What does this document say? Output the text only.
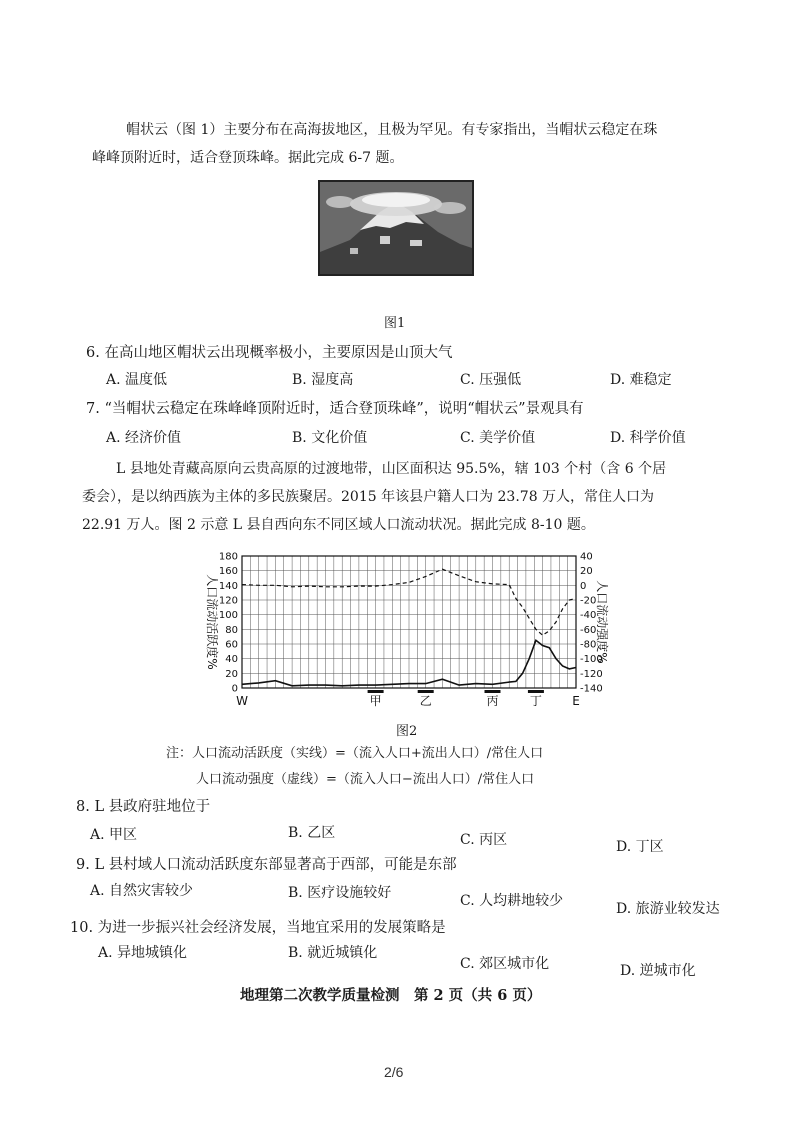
帽状云（图 1）主要分布在高海拔地区，且极为罕见。有专家指出，当帽状云稳定在珠
峰峰顶附近时，适合登顶珠峰。据此完成 6-7 题。
图1
6. 在高山地区帽状云出现概率极小，主要原因是山顶大气
A. 温度低	B. 湿度高	C. 压强低	D. 难稳定
7. “当帽状云稳定在珠峰峰顶附近时，适合登顶珠峰”，说明“帽状云”景观具有
A. 经济价值	B. 文化价值	C. 美学价值	D. 科学价值
L 县地处青藏高原向云贵高原的过渡地带，山区面积达 95.5%，辖 103 个村（含 6 个居
委会），是以纳西族为主体的多民族聚居。2015 年该县户籍人口为 23.78 万人，常住人口为
22.91 万人。图 2 示意 L 县自西向东不同区域人口流动状况。据此完成 8-10 题。
0
20
40
60
80
100
120
140
160
180	40
20
0
-20
-40
-60
-80
-100
-120
-140
W	甲	乙	丙	丁	E
人口流动活跃度%	人口流动强度%
图2
注：人口流动活跃度（实线）=（流入人口+流出人口）/常住人口
人口流动强度（虚线）=（流入人口−流出人口）/常住人口
8. L 县政府驻地位于
A. 甲区	B. 乙区	C. 丙区	D. 丁区
9. L 县村域人口流动活跃度东部显著高于西部，可能是东部
A. 自然灾害较少	B. 医疗设施较好	C. 人均耕地较少	D. 旅游业较发达
10. 为进一步振兴社会经济发展，当地宜采用的发展策略是
A. 异地城镇化	B. 就近城镇化
C. 郊区城市化	D. 逆城市化
地理第二次教学质量检测　第 2 页（共 6 页）
2/6
